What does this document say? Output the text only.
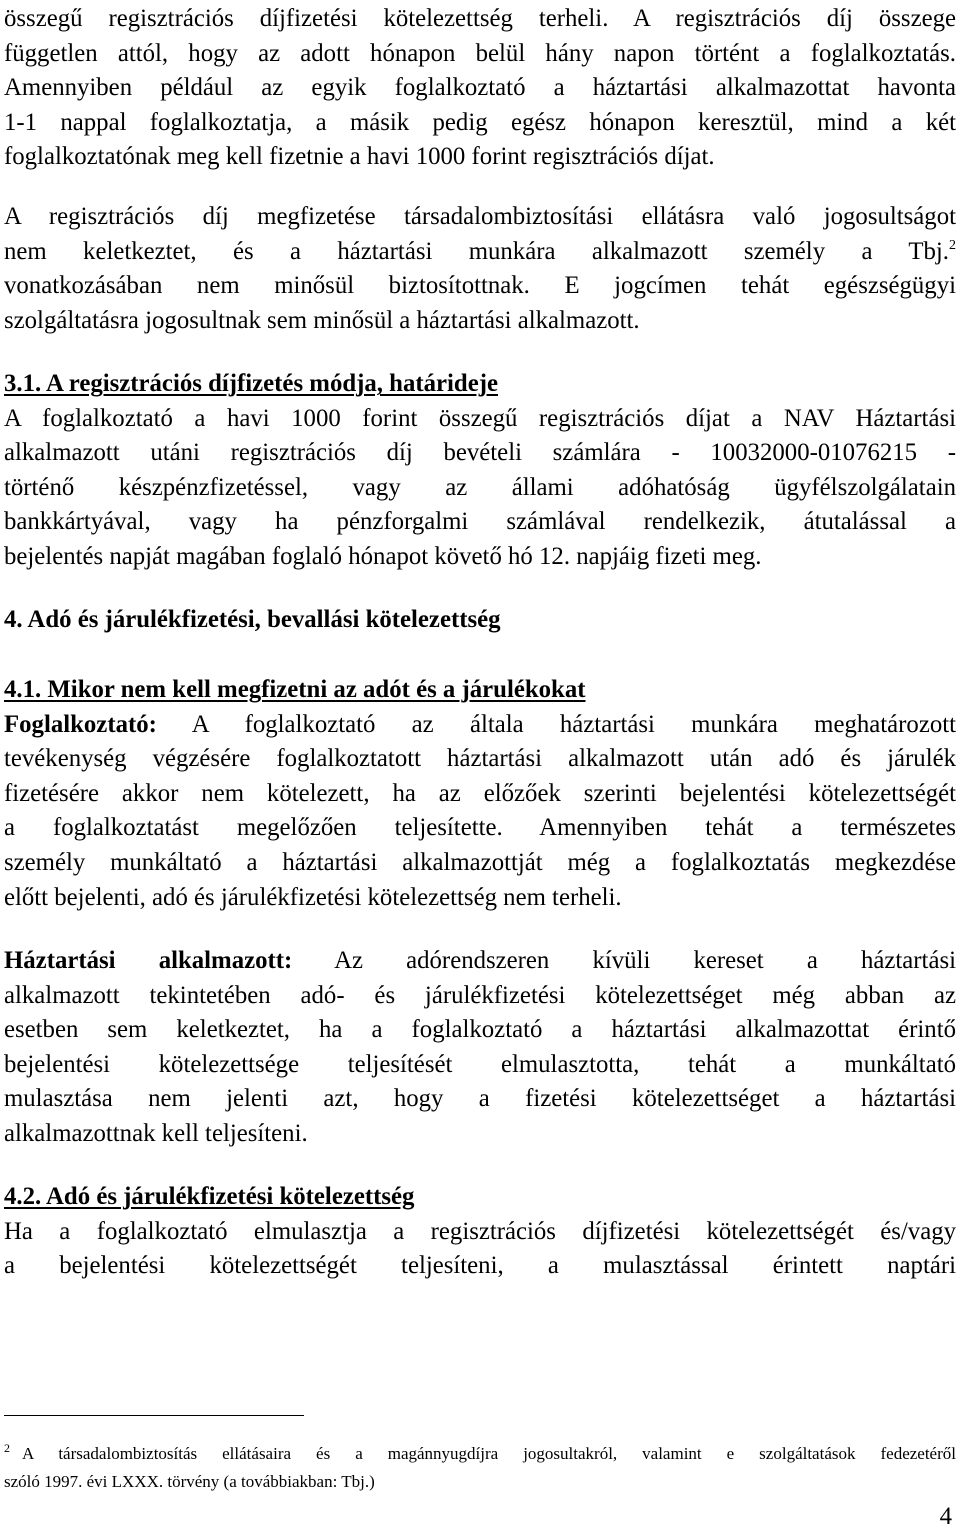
összegű regisztrációs díjfizetési kötelezettség terheli. A regisztrációs díj összege

független attól, hogy az adott hónapon belül hány napon történt a foglalkoztatás.

Amennyiben például az egyik foglalkoztató a háztartási alkalmazottat havonta

1-1 nappal foglalkoztatja, a másik pedig egész hónapon keresztül, mind a két

foglalkoztatónak meg kell fizetnie a havi 1000 forint regisztrációs díjat.

A regisztrációs díj megfizetése társadalombiztosítási ellátásra való jogosultságot

nem keletkeztet, és a háztartási munkára alkalmazott személy a Tbj.$^2$

vonatkozásában nem minősül biztosítottnak. E jogcímen tehát egészségügyi

szolgáltatásra jogosultnak sem minősül a háztartási alkalmazott.

3.1. A regisztrációs díjfizetés módja, határideje

A foglalkoztató a havi 1000 forint összegű regisztrációs díjat a NAV Háztartási

alkalmazott utáni regisztrációs díj bevételi számlára - 10032000-01076215 -

történő készpénzfizetéssel, vagy az állami adóhatóság ügyfélszolgálatain

bankkártyával, vagy ha pénzforgalmi számlával rendelkezik, átutalással a

bejelentés napját magában foglaló hónapot követő hó 12. napjáig fizeti meg.

4. Adó és járulékfizetési, bevallási kötelezettség
4.1. Mikor nem kell megfizetni az adót és a járulékokat

Foglalkoztató: A foglalkoztató az általa háztartási munkára meghatározott

tevékenység végzésére foglalkoztatott háztartási alkalmazott után adó és járulék

fizetésére akkor nem kötelezett, ha az előzőek szerinti bejelentési kötelezettségét

a foglalkoztatást megelőzően teljesítette. Amennyiben tehát a természetes

személy munkáltató a háztartási alkalmazottját még a foglalkoztatás megkezdése

előtt bejelenti, adó és járulékfizetési kötelezettség nem terheli.

Háztartási alkalmazott: Az adórendszeren kívüli kereset a háztartási

alkalmazott tekintetében adó- és járulékfizetési kötelezettséget még abban az

esetben sem keletkeztet, ha a foglalkoztató a háztartási alkalmazottat érintő

bejelentési kötelezettsége teljesítését elmulasztotta, tehát a munkáltató

mulasztása nem jelenti azt, hogy a fizetési kötelezettséget a háztartási

alkalmazottnak kell teljesíteni.

4.2. Adó és járulékfizetési kötelezettség

Ha a foglalkoztató elmulasztja a regisztrációs díjfizetési kötelezettségét és/vagy

a bejelentési kötelezettségét teljesíteni, a mulasztással érintett naptári

$^2$ A társadalombiztosítás ellátásaira és a magánnyugdíjra jogosultakról, valamint e szolgáltatások fedezetéről

szóló 1997. évi LXXX. törvény (a továbbiakban: Tbj.)

4
